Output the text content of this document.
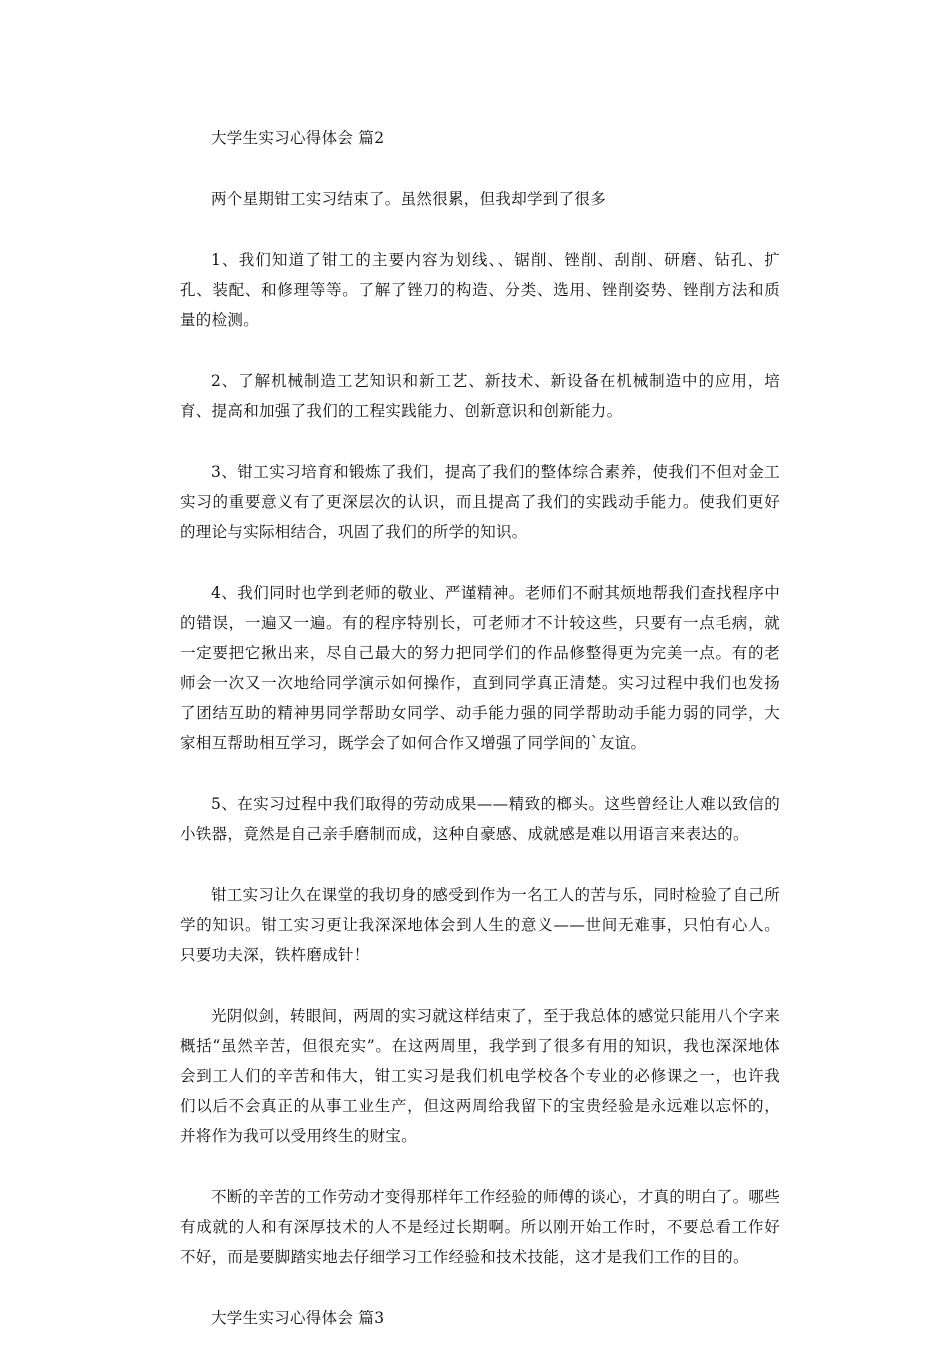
大学生实习心得体会 篇2

两个星期钳工实习结束了。虽然很累，但我却学到了很多

1、我们知道了钳工的主要内容为划线、、锯削、锉削、刮削、研磨、钻孔、扩孔、装配、和修理等等。了解了锉刀的构造、分类、选用、锉削姿势、锉削方法和质量的检测。

2、了解机械制造工艺知识和新工艺、新技术、新设备在机械制造中的应用，培育、提高和加强了我们的工程实践能力、创新意识和创新能力。

3、钳工实习培育和锻炼了我们，提高了我们的整体综合素养，使我们不但对金工实习的重要意义有了更深层次的认识，而且提高了我们的实践动手能力。使我们更好的理论与实际相结合，巩固了我们的所学的知识。

4、我们同时也学到老师的敬业、严谨精神。老师们不耐其烦地帮我们查找程序中的错误，一遍又一遍。有的程序特别长，可老师才不计较这些，只要有一点毛病，就一定要把它揪出来，尽自己最大的努力把同学们的作品修整得更为完美一点。有的老师会一次又一次地给同学演示如何操作，直到同学真正清楚。实习过程中我们也发扬了团结互助的精神男同学帮助女同学、动手能力强的同学帮助动手能力弱的同学，大家相互帮助相互学习，既学会了如何合作又增强了同学间的`友谊。

5、在实习过程中我们取得的劳动成果——精致的榔头。这些曾经让人难以致信的小铁器，竟然是自己亲手磨制而成，这种自豪感、成就感是难以用语言来表达的。

钳工实习让久在课堂的我切身的感受到作为一名工人的苦与乐，同时检验了自己所学的知识。钳工实习更让我深深地体会到人生的意义——世间无难事，只怕有心人。只要功夫深，铁杵磨成针！

光阴似剑，转眼间，两周的实习就这样结束了，至于我总体的感觉只能用八个字来概括“虽然辛苦，但很充实”。在这两周里，我学到了很多有用的知识，我也深深地体会到工人们的辛苦和伟大，钳工实习是我们机电学校各个专业的必修课之一，也许我们以后不会真正的从事工业生产，但这两周给我留下的宝贵经验是永远难以忘怀的，并将作为我可以受用终生的财宝。

不断的辛苦的工作劳动才变得那样年工作经验的师傅的谈心，才真的明白了。哪些有成就的人和有深厚技术的人不是经过长期啊。所以刚开始工作时，不要总看工作好不好，而是要脚踏实地去仔细学习工作经验和技术技能，这才是我们工作的目的。

大学生实习心得体会 篇3
